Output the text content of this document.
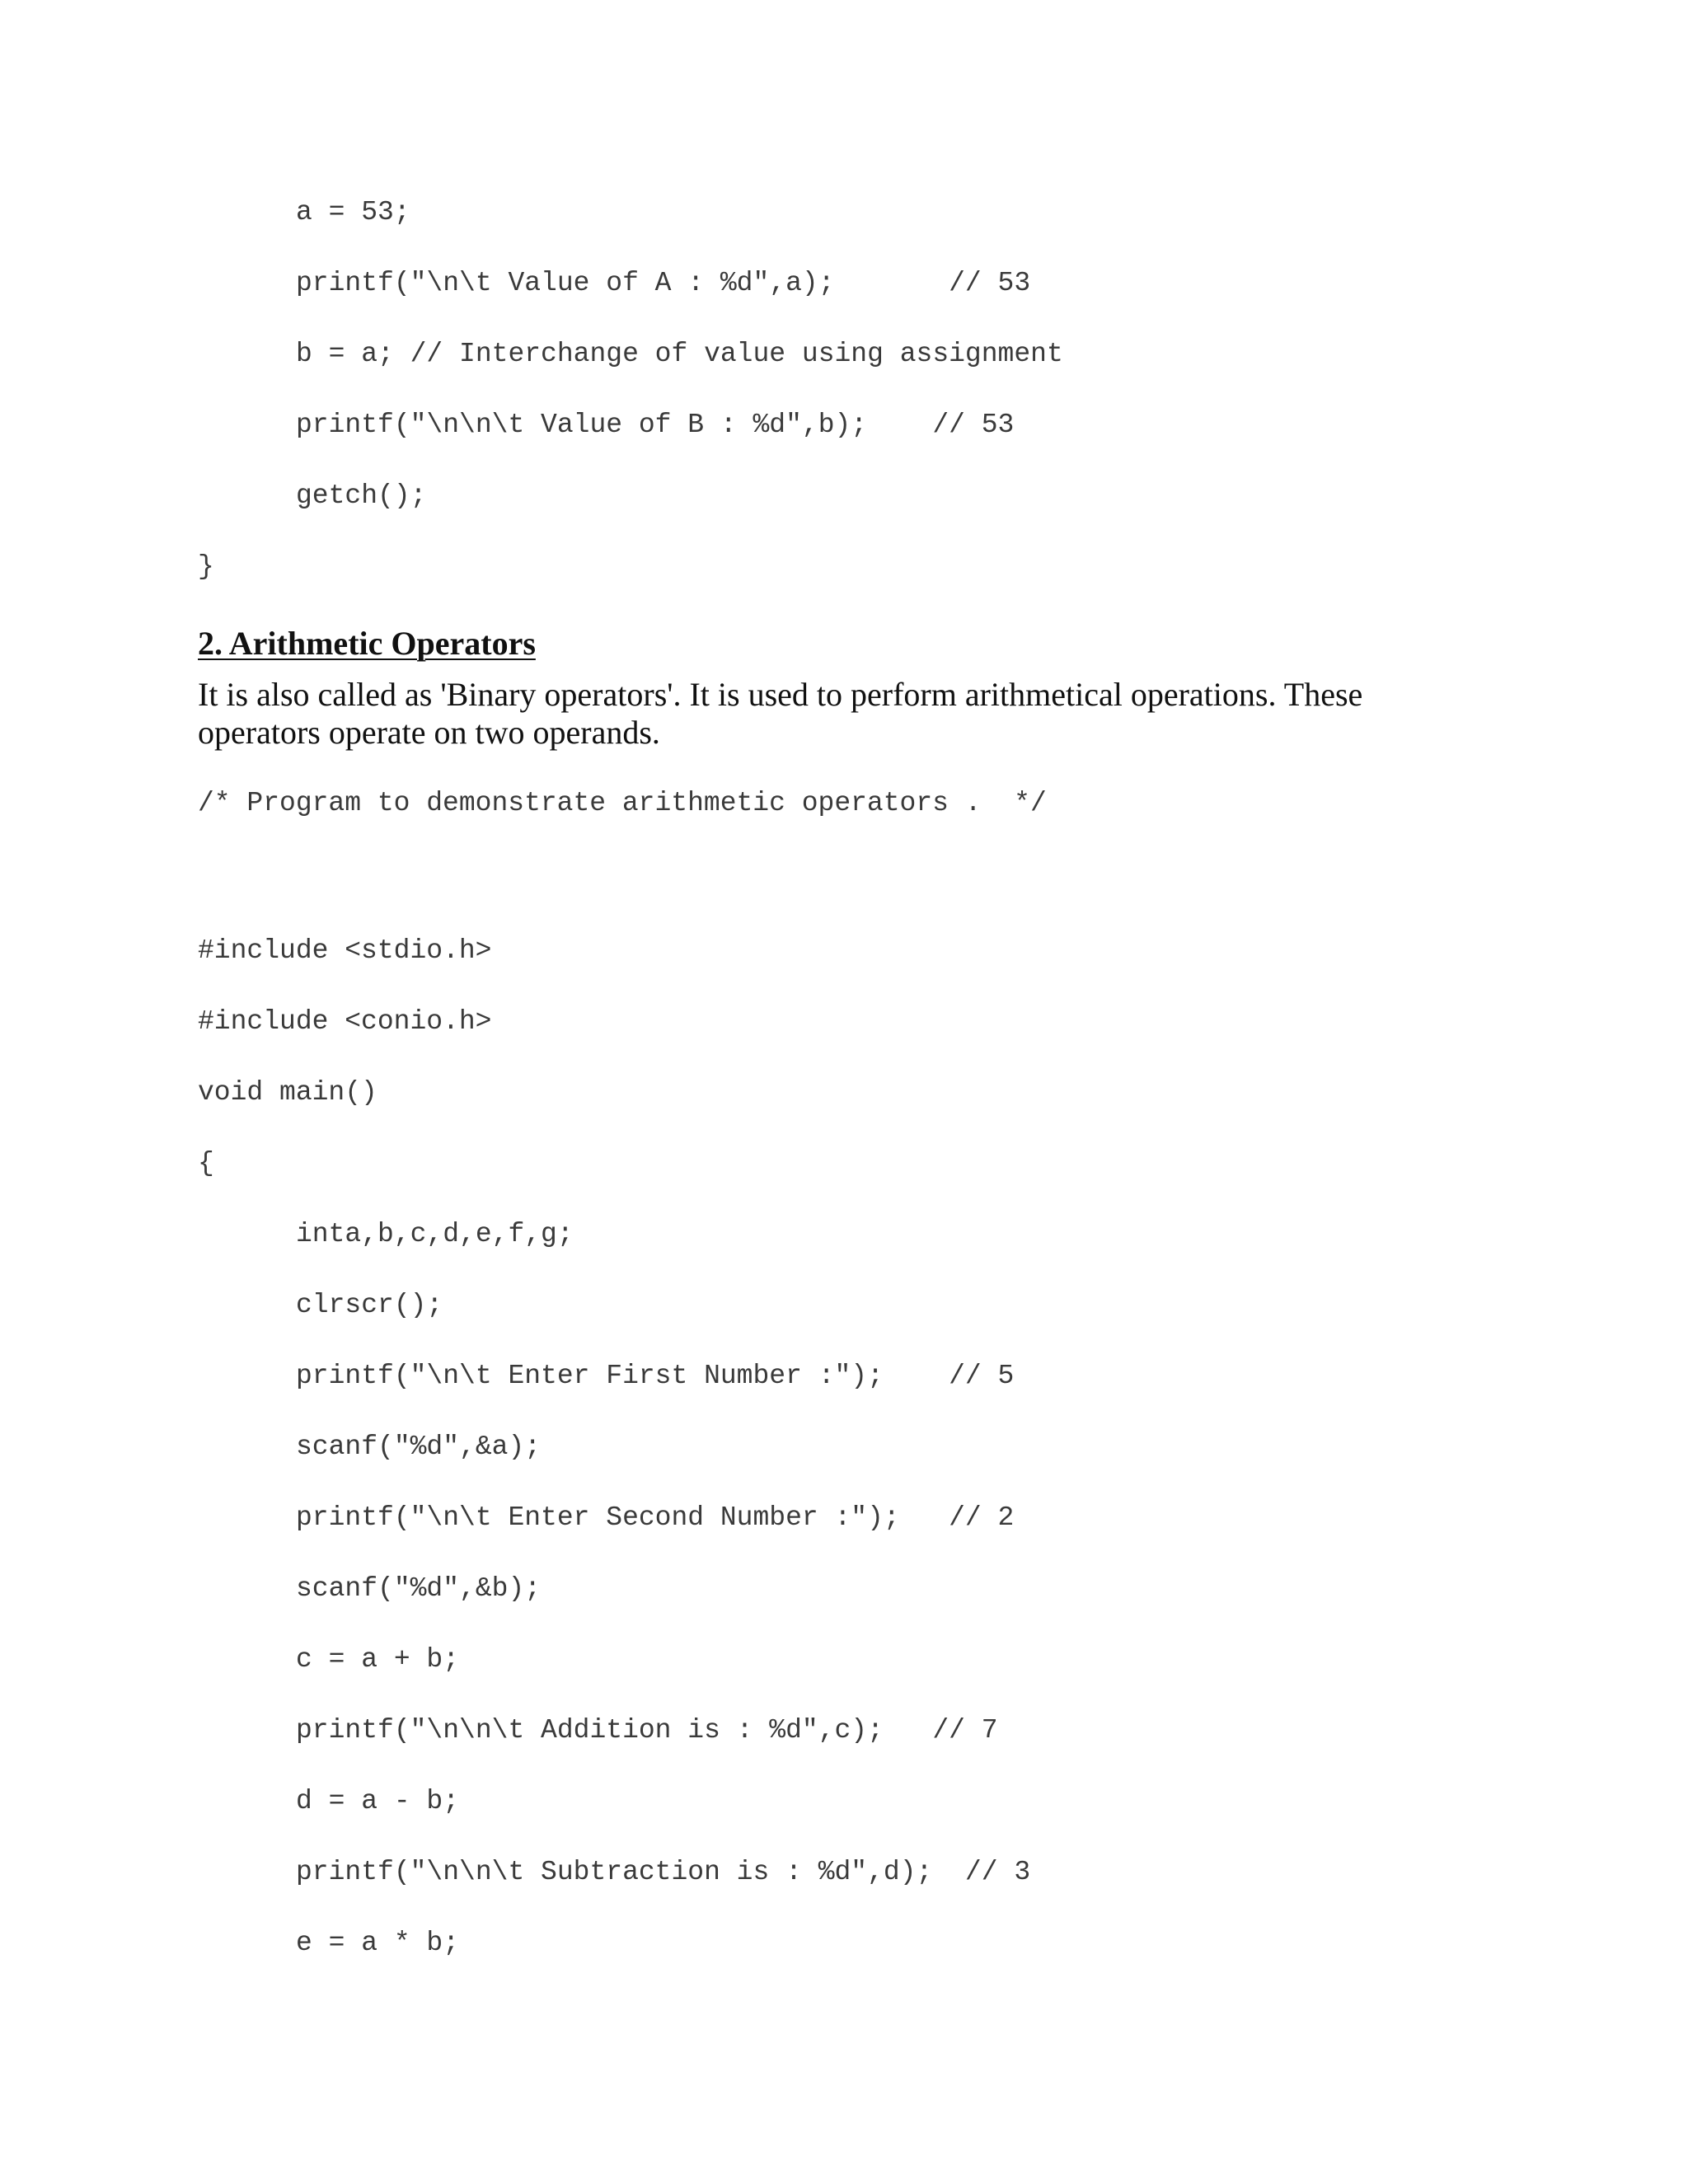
a = 53;
printf("\n\t Value of A : %d",a);       // 53
b = a; // Interchange of value using assignment
printf("\n\n\t Value of B : %d",b);    // 53
getch();
}
2. Arithmetic Operators

It is also called as 'Binary operators'. It is used to perform arithmetical operations. These operators operate on two operands.

/* Program to demonstrate arithmetic operators .  */
#include <stdio.h>
#include <conio.h>
void main()
{
inta,b,c,d,e,f,g;
clrscr();
printf("\n\t Enter First Number :");    // 5
scanf("%d",&a);
printf("\n\t Enter Second Number :");   // 2
scanf("%d",&b);
c = a + b;
printf("\n\n\t Addition is : %d",c);   // 7
d = a - b;
printf("\n\n\t Subtraction is : %d",d);  // 3
e = a * b;
